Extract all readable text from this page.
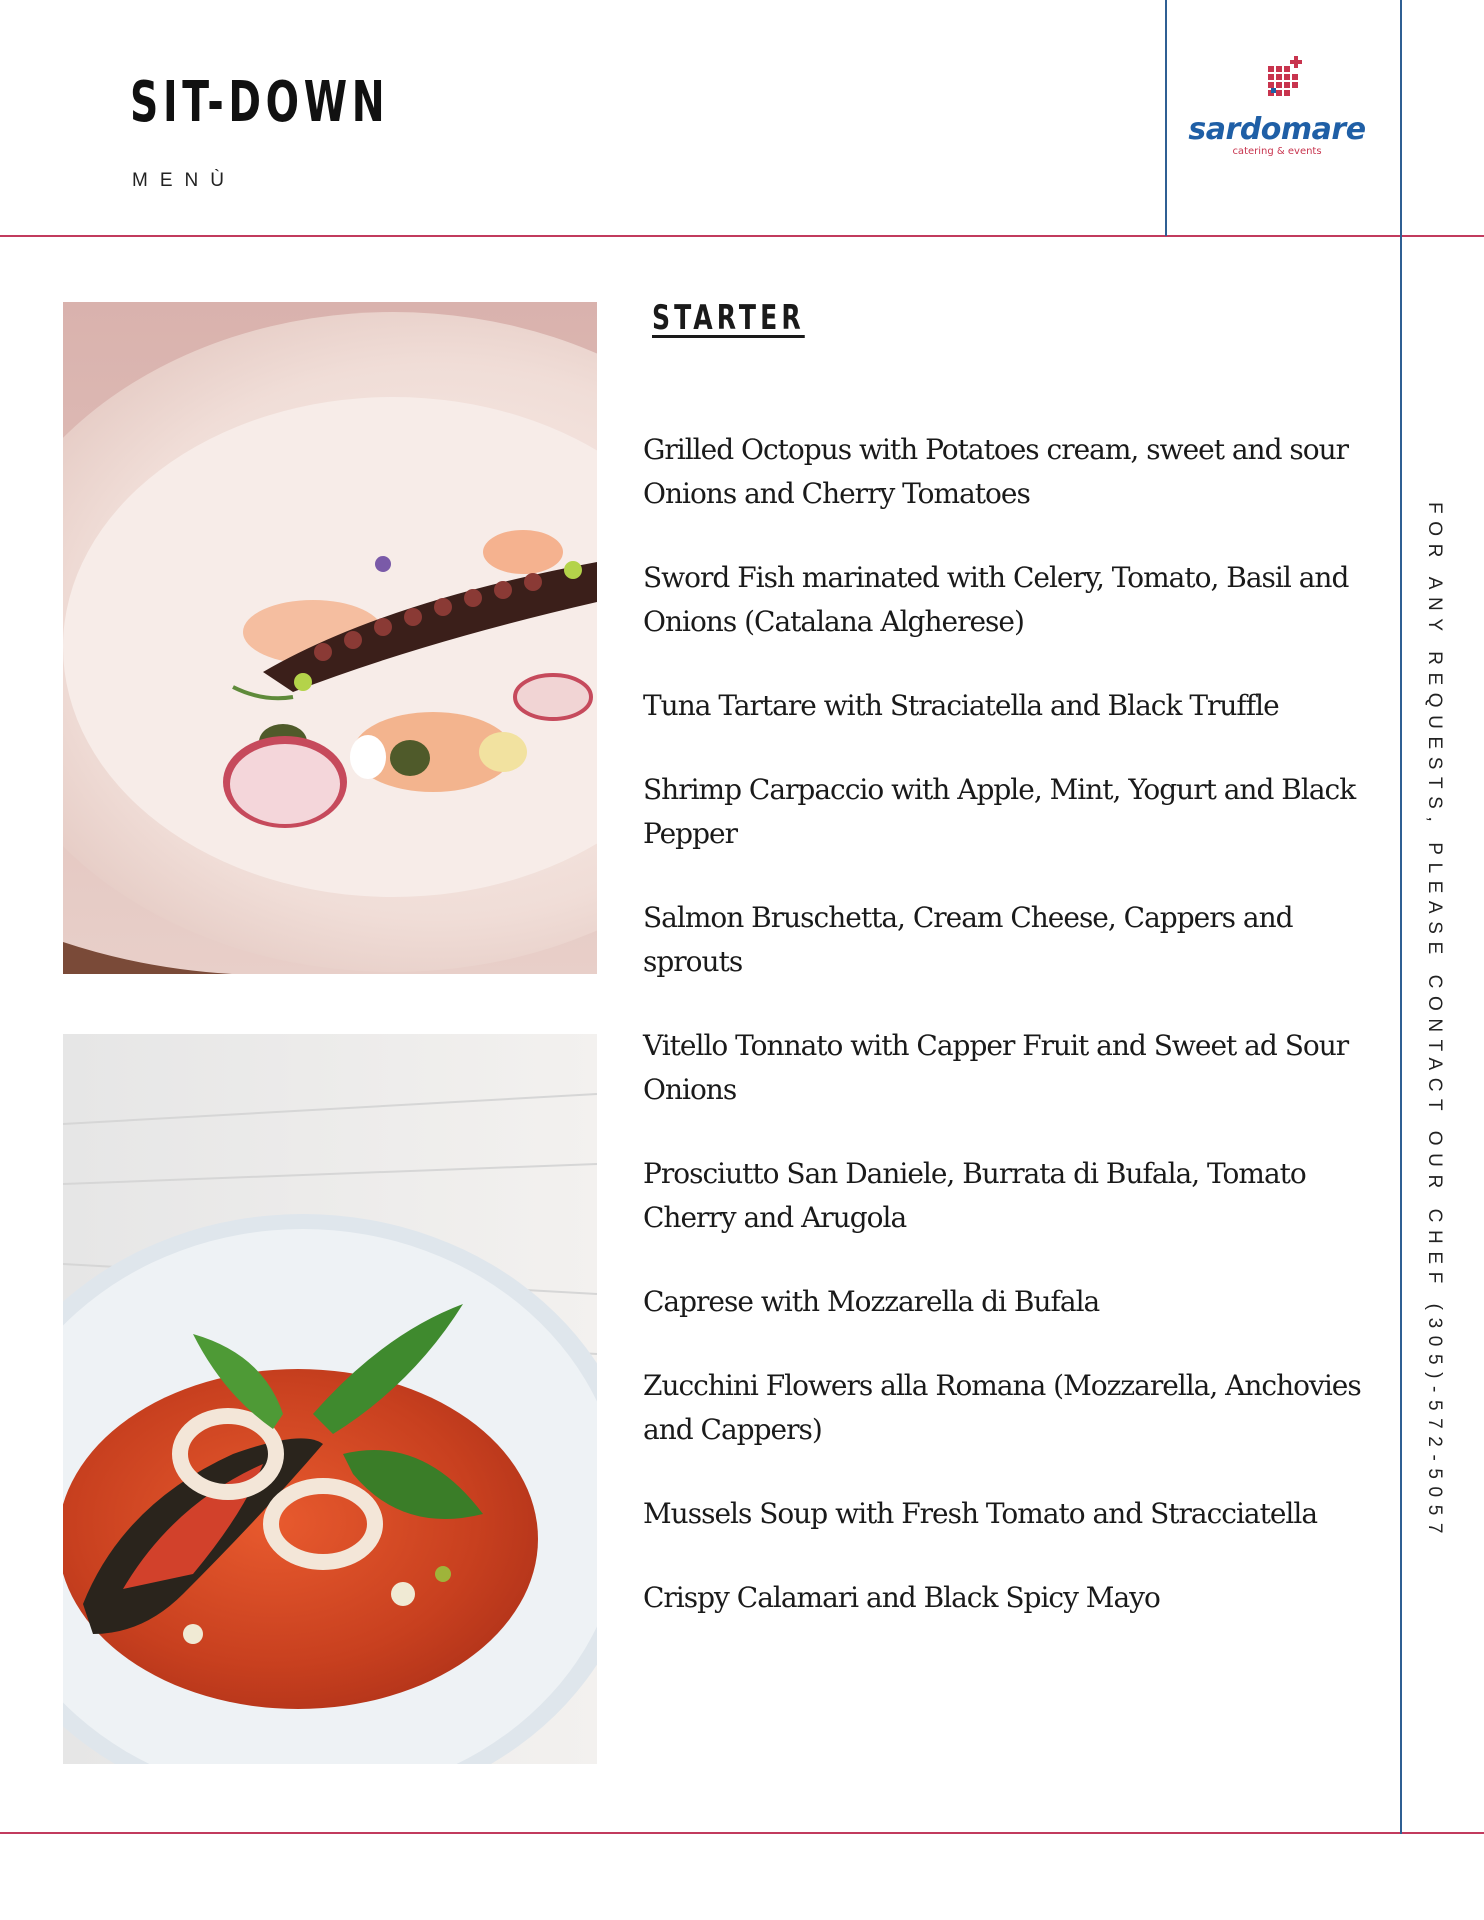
SIT-DOWN

MENÙ

sardomare
catering & events
STARTER
Grilled Octopus with Potatoes cream, sweet and sour Onions and Cherry Tomatoes
Sword Fish marinated with Celery, Tomato, Basil and Onions (Catalana Algherese)
Tuna Tartare with Straciatella and Black Truffle
Shrimp Carpaccio with Apple, Mint, Yogurt and Black Pepper
Salmon Bruschetta, Cream Cheese, Cappers and sprouts
Vitello Tonnato with Capper Fruit and Sweet ad Sour Onions
Prosciutto San Daniele, Burrata di Bufala, Tomato Cherry and Arugola
Caprese with Mozzarella di Bufala
Zucchini Flowers alla Romana (Mozzarella, Anchovies and Cappers)
Mussels Soup with Fresh Tomato and Stracciatella
Crispy Calamari and Black Spicy Mayo

FOR ANY REQUESTS, PLEASE CONTACT OUR CHEF (305)-572-5057
